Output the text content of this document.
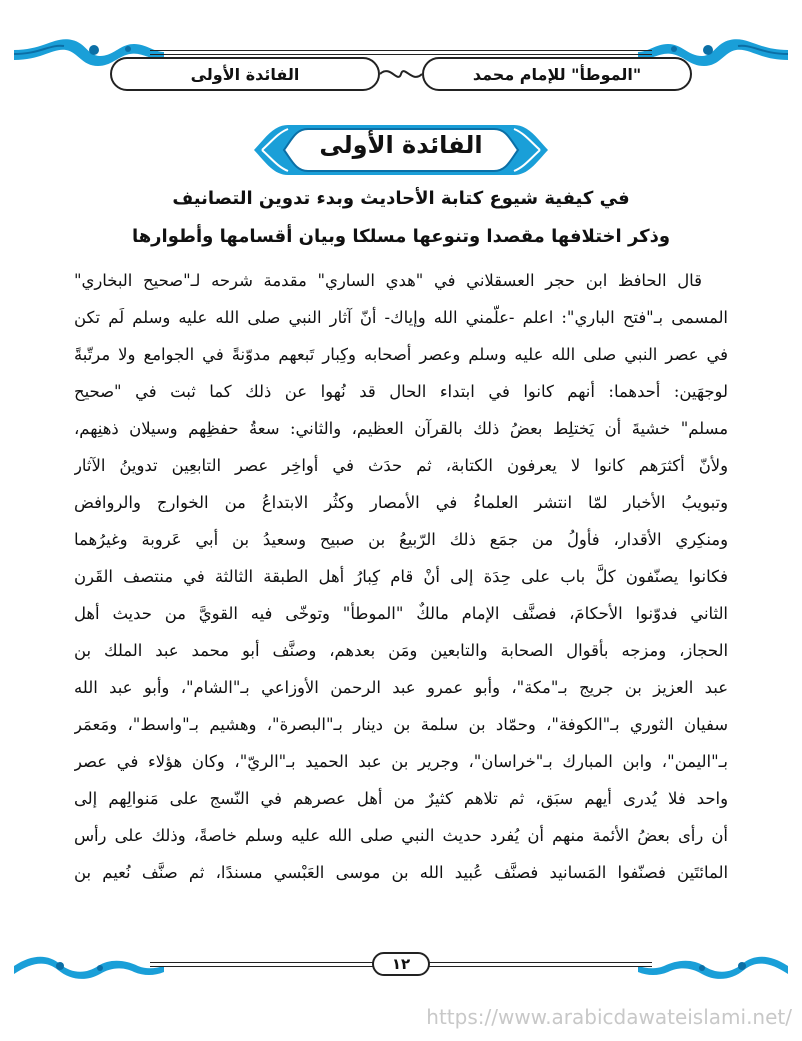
"الموطأ" للإمام محمد
الفائدة الأولى
الفائدة الأولى
في كيفية شيوع كتابة الأحاديث وبدء تدوين التصانيف
وذكر اختلافها مقصدا وتنوعها مسلكا وبيان أقسامها وأطوارها
قال الحافظ ابن حجر العسقلاني في "هدي الساري" مقدمة شرحه لـ"صحيح البخاري"
المسمى بـ"فتح الباري": اعلم -علّمني الله وإياك- أنّ آثار النبي صلى الله عليه وسلم لَم تكن
في عصر النبي صلى الله عليه وسلم وعصر أصحابه وكِبار تَبعهم مدوّنةً في الجوامع ولا مرتّبةً
لوجهَين: أحدهما: أنهم كانوا في ابتداء الحال قد نُهوا عن ذلك كما ثبت في "صحيح
مسلم" خشيةَ أن يَختلِط بعضُ ذلك بالقرآن العظيم، والثاني: سعةُ حفظِهم وسيلان ذهنِهم،
ولأنّ أكثرَهم كانوا لا يعرفون الكتابة، ثم حدَث في أواخِر عصر التابعِين تدوينُ الآثار
وتبويبُ الأخبار لمّا انتشر العلماءُ في الأمصار وكثُر الابتداعُ من الخوارج والروافض
ومنكِري الأقدار، فأولُ من جمَع ذلك الرّبيعُ بن صبيح وسعيدُ بن أبي عَروبة وغيرُهما
فكانوا يصنّفون كلَّ باب على حِدَة إلى أنْ قام كِبارُ أهل الطبقة الثالثة في منتصف القَرن
الثاني فدوّنوا الأحكامَ، فصنَّف الإمام مالكٌ "الموطأ" وتوخّى فيه القويَّ من حديث أهل
الحجاز، ومزجه بأقوال الصحابة والتابعين ومَن بعدهم، وصنَّف أبو محمد عبد الملك بن
عبد العزيز بن جريج بـ"مكة"، وأبو عمرو عبد الرحمن الأوزاعي بـ"الشام"، وأبو عبد الله
سفيان الثوري بـ"الكوفة"، وحمّاد بن سلمة بن دينار بـ"البصرة"، وهشيم بـ"واسط"، ومَعمَر
بـ"اليمن"، وابن المبارك بـ"خراسان"، وجرير بن عبد الحميد بـ"الريّ"، وكان هؤلاء في عصر
واحد فلا يُدرى أيهم سبَق، ثم تلاهم كثيرٌ من أهل عصرهم في النّسج على مَنوالِهم إلى
أن رأى بعضُ الأئمة منهم أن يُفرد حديث النبي صلى الله عليه وسلم خاصةً، وذلك على رأس
المائتَين فصنّفوا المَسانيد فصنَّف عُبيد الله بن موسى العَبْسي مسندًا، ثم صنَّف نُعيم بن
١٢
https://www.arabicdawateislami.net/
